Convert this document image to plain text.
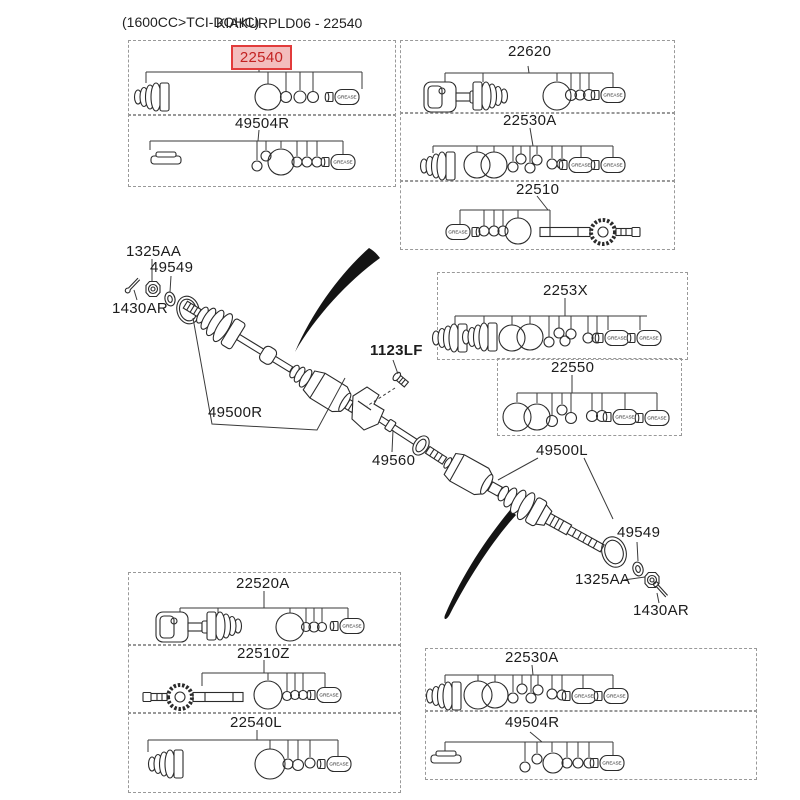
(1600CC>TCI-DOHC)
KIAKURPLD06 - 22540
GREASE
GREASE
GREASE
GREASE	GREASE
GREASE
GREASE	GREASE
GREASE	GREASE
GREASE
GREASE
GREASE
GREASE	GREASE
GREASE
22540
49504R
22620
22530A
22510
2253X
22550
22520A
22510Z
22540L
22530A
49504R
1325AA
49549
1430AR
49500R
1123LF
49560
49500L
49549
1325AA
1430AR
